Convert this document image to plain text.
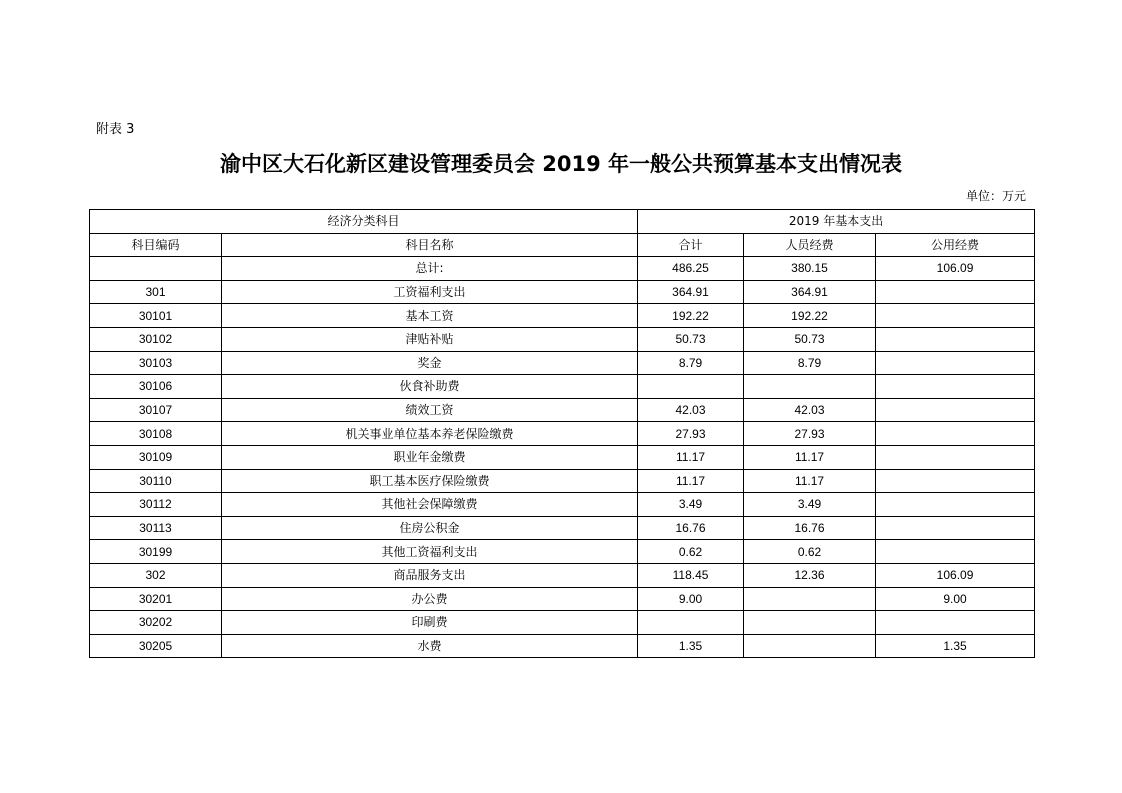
附表 3
渝中区大石化新区建设管理委员会 2019 年一般公共预算基本支出情况表
单位：万元
经济分类科目		2019 年基本支出		
科目编码	科目名称	合计	人员经费	公用经费
	总计:	486.25	380.15	106.09
301	工资福利支出	364.91	364.91	
30101	基本工资	192.22	192.22	
30102	津贴补贴	50.73	50.73	
30103	奖金	8.79	8.79	
30106	伙食补助费			
30107	绩效工资	42.03	42.03	
30108	机关事业单位基本养老保险缴费	27.93	27.93	
30109	职业年金缴费	11.17	11.17	
30110	职工基本医疗保险缴费	11.17	11.17	
30112	其他社会保障缴费	3.49	3.49	
30113	住房公积金	16.76	16.76	
30199	其他工资福利支出	0.62	0.62	
302	商品服务支出	118.45	12.36	106.09
30201	办公费	9.00		9.00
30202	印刷费			
30205	水费	1.35		1.35
